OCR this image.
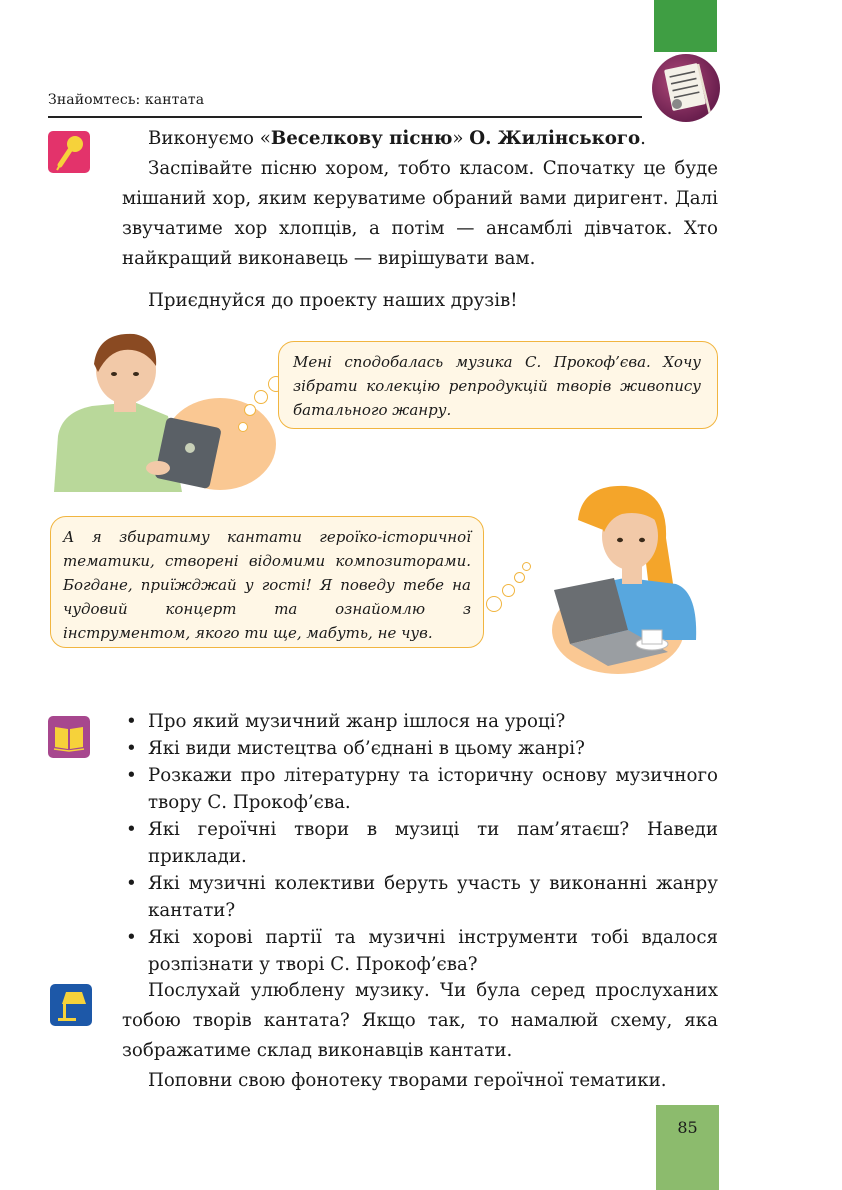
Знайомтесь: кантата

Виконуємо «Веселкову пісню» О. Жилінського.

Заспівайте пісню хором, тобто класом. Спочатку це буде мішаний хор, яким керуватиме обраний вами диригент. Далі звучатиме хор хлопців, а потім — ансамблі дівчаток. Хто найкращий виконавець — вирішувати вам.

Приєднуйся до проекту наших друзів!
Мені сподобалась музика С. Прокоф’єва. Хочу зібрати колекцію репродукцій творів живопису батального жанру.
А я збиратиму кантати героїко-історичної тематики, створені відомими композиторами. Богдане, приїжджай у гості! Я поведу тебе на чудовий концерт та ознайомлю з інструментом, якого ти ще, мабуть, не чув.
• Про який музичний жанр ішлося на уроці?
• Які види мистецтва об’єднані в цьому жанрі?
• Розкажи про літературну та історичну основу музичного твору С. Прокоф’єва.
• Які героїчні твори в музиці ти пам’ятаєш? Наведи приклади.
• Які музичні колективи беруть участь у виконанні жанру кантати?
• Які хорові партії та музичні інструменти тобі вдалося розпізнати у творі С. Прокоф’єва?

Послухай улюблену музику. Чи була серед прослуханих тобою творів кантата? Якщо так, то намалюй схему, яка зображатиме склад виконавців кантати.

Поповни свою фонотеку творами героїчної тематики.

85
